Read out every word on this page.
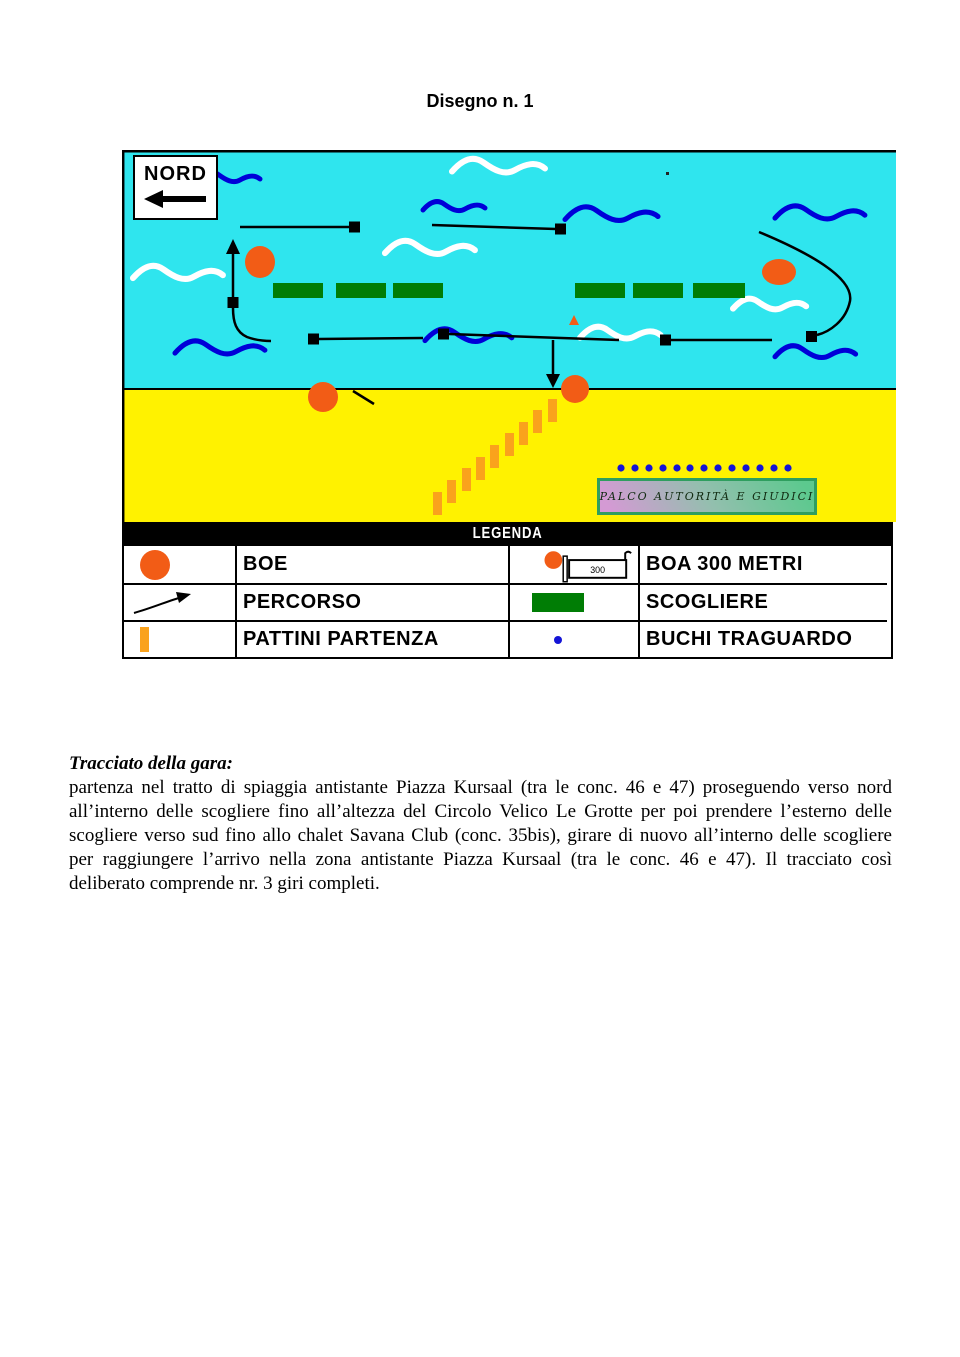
Disegno n. 1
NORD
PALCO AUTORITÀ E GIUDICI
LEGENDA
BOE	300	BOA 300 METRI
PERCORSO	SCOGLIERE
PATTINI PARTENZA	BUCHI TRAGUARDO
Tracciato della gara:
partenza nel tratto di spiaggia antistante Piazza Kursaal (tra le conc. 46 e 47) proseguendo verso nord all’interno delle scogliere fino all’altezza del Circolo Velico Le Grotte per poi prendere l’esterno delle scogliere verso sud fino allo chalet Savana Club (conc. 35bis), girare di nuovo all’interno delle scogliere per raggiungere l’arrivo nella zona antistante Piazza Kursaal (tra le conc. 46 e 47). Il tracciato così deliberato comprende nr. 3 giri completi.
